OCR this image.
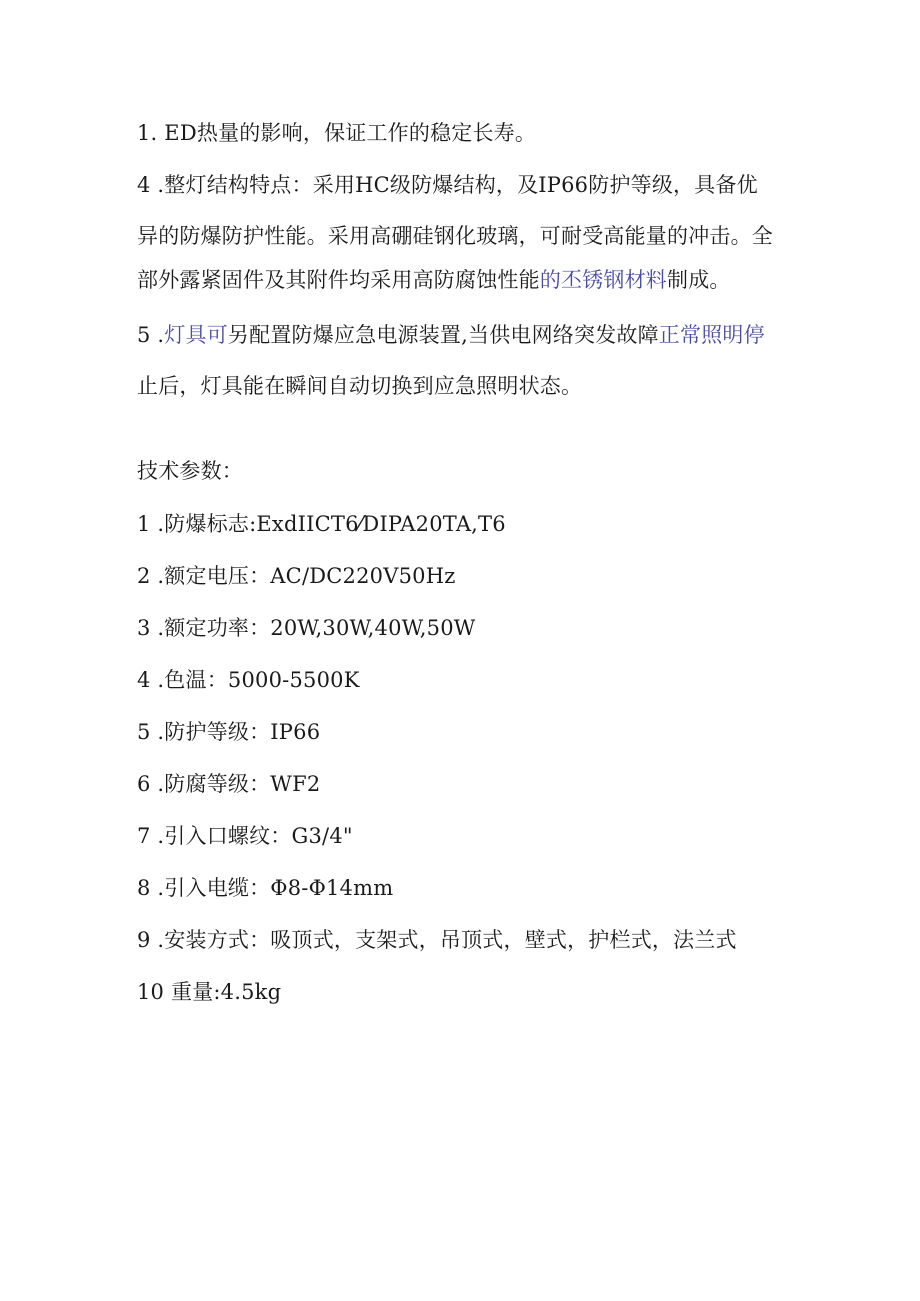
1. ED热量的影响，保证工作的稳定长寿。
4 .整灯结构特点：采用HC级防爆结构，及IP66防护等级，具备优
异的防爆防护性能。采用高硼硅钢化玻璃，可耐受高能量的冲击。全
部外露紧固件及其附件均采用高防腐蚀性能的丕锈钢材料制成。
5 .灯具可另配置防爆应急电源装置,当供电网络突发故障正常照明停
止后，灯具能在瞬间自动切换到应急照明状态。
技术参数：
1 .防爆标志:ExdIICT6⁄DIPA20TA,T6
2 .额定电压：AC/DC220V50Hz
3 .额定功率：20W,30W,40W,50W
4 .色温：5000-5500K
5 .防护等级：IP66
6 .防腐等级：WF2
7 .引入口螺纹：G3/4"
8 .引入电缆：Φ8-Φ14mm
9 .安装方式：吸顶式，支架式，吊顶式，壁式，护栏式，法兰式
10 重量:4.5kg
